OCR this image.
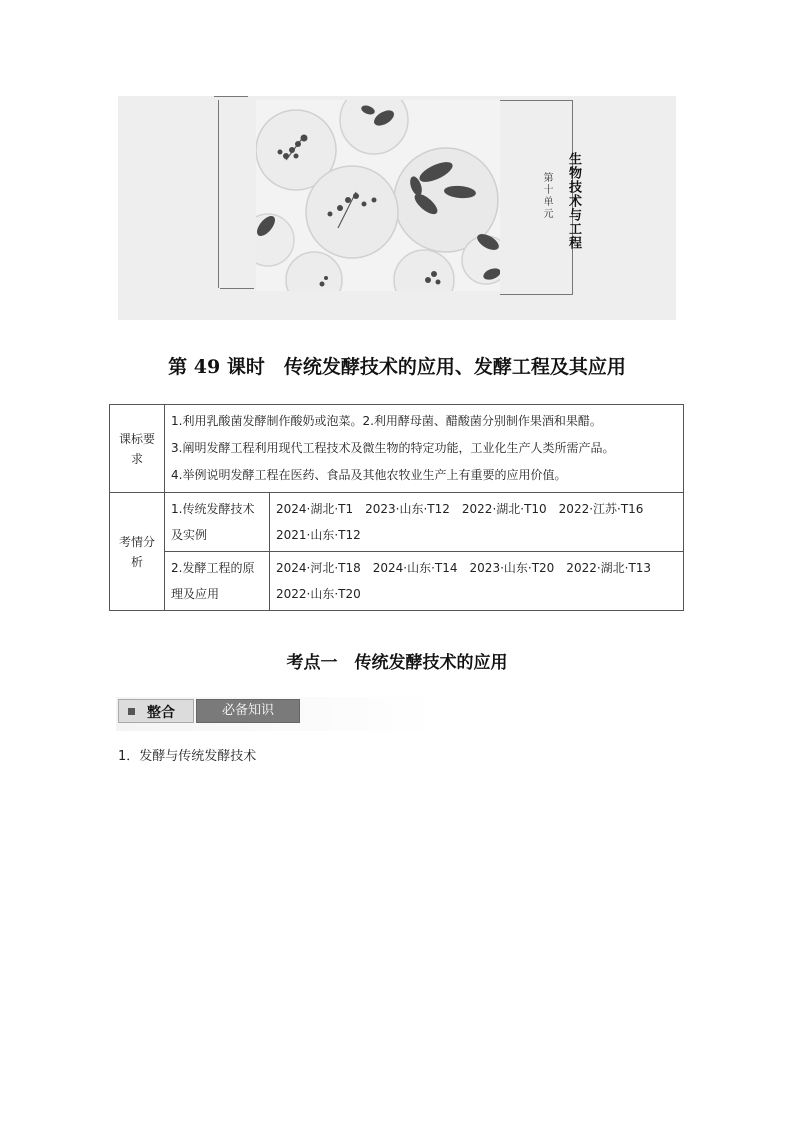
第十单元 生物技术与工程
第 49 课时　传统发酵技术的应用、发酵工程及其应用
课标要求	1.利用乳酸菌发酵制作酸奶或泡菜。2.利用酵母菌、醋酸菌分别制作果酒和果醋。
3.阐明发酵工程利用现代工程技术及微生物的特定功能，工业化生产人类所需产品。
4.举例说明发酵工程在医药、食品及其他农牧业生产上有重要的应用价值。	

考情分析	1.传统发酵技术及实例	2024·湖北·T1　2023·山东·T12　2022·湖北·T10　2022·江苏·T16
2021·山东·T12

	2.发酵工程的原理及应用	2024·河北·T18　2024·山东·T14　2023·山东·T20　2022·湖北·T13
2022·山东·T20
考点一　传统发酵技术的应用
整合	必备知识
1．发酵与传统发酵技术
